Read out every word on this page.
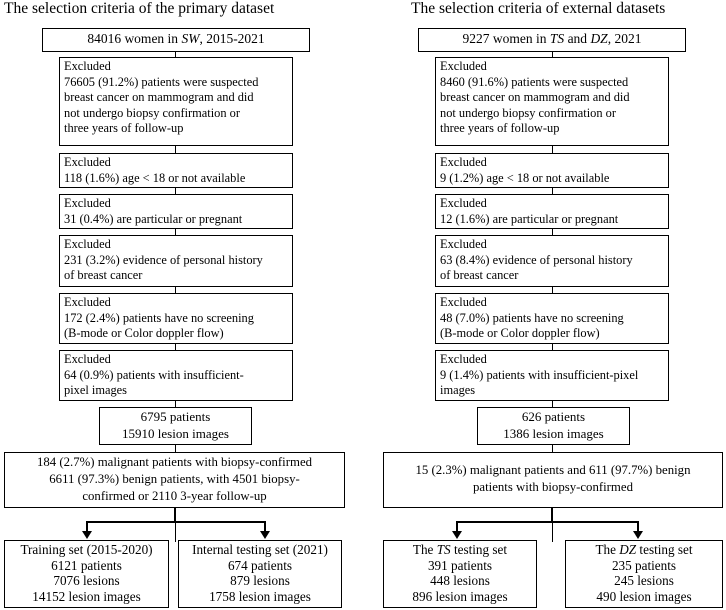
The selection criteria of the primary dataset
84016 women in SW, 2015-2021
Excluded
76605 (91.2%) patients were suspected
breast cancer on mammogram and did
not undergo biopsy confirmation or
three years of follow-up
Excluded
118 (1.6%) age < 18 or not available
Excluded
31 (0.4%) are particular or pregnant
Excluded
231 (3.2%) evidence of personal history
of breast cancer
Excluded
172 (2.4%) patients have no screening
(B-mode or Color doppler flow)
Excluded
64 (0.9%) patients with insufficient-
pixel images
6795 patients
15910 lesion images
184 (2.7%) malignant patients with biopsy-confirmed
6611 (97.3%) benign patients, with 4501 biopsy-
confirmed or 2110 3-year follow-up
Training set (2015-2020)
6121 patients
7076 lesions
14152 lesion images
Internal testing set (2021)
674 patients
879 lesions
1758 lesion images
The selection criteria of external datasets
9227 women in TS and DZ, 2021
Excluded
8460 (91.6%) patients were suspected
breast cancer on mammogram and did
not undergo biopsy confirmation or
three years of follow-up
Excluded
9 (1.2%) age < 18 or not available
Excluded
12 (1.6%) are particular or pregnant
Excluded
63 (8.4%) evidence of personal history
of breast cancer
Excluded
48 (7.0%) patients have no screening
(B-mode or Color doppler flow)
Excluded
9 (1.4%) patients with insufficient-pixel
images
626 patients
1386 lesion images
15 (2.3%) malignant patients and 611 (97.7%) benign
patients with biopsy-confirmed
The TS testing set
391 patients
448 lesions
896 lesion images
The DZ testing set
235 patients
245 lesions
490 lesion images
